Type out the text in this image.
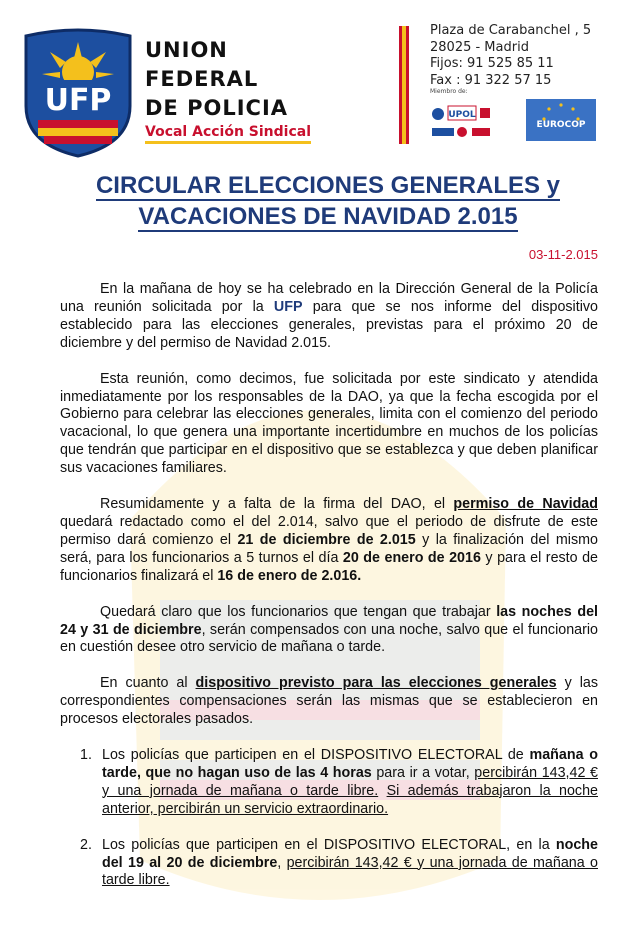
UFP
UNION
FEDERAL
DE POLICIA
Vocal Acción Sindical
Plaza de Carabanchel , 5
28025 - Madrid
Fijos: 91 525 85 11
Fax : 91 322 57 15
Miembro de:
UPOL
EUROCOP
CIRCULAR ELECCIONES GENERALES y
VACACIONES DE NAVIDAD 2.015
03-11-2.015

En la mañana de hoy se ha celebrado en la Dirección General de la Policía una reunión solicitada por la UFP para que se nos informe del dispositivo establecido para las elecciones generales, previstas para el próximo 20 de diciembre y del permiso de Navidad 2.015.

Esta reunión, como decimos, fue solicitada por este sindicato y atendida inmediatamente por los responsables de la DAO, ya que la fecha escogida por el Gobierno para celebrar las elecciones generales, limita con el comienzo del periodo vacacional, lo que genera una importante incertidumbre en muchos de los policías que tendrán que participar en el dispositivo que se establezca y que deben planificar sus vacaciones familiares.

Resumidamente y a falta de la firma del DAO, el permiso de Navidad quedará redactado como el del 2.014, salvo que el periodo de disfrute de este permiso dará comienzo el 21 de diciembre de 2.015 y la finalización del mismo será, para los funcionarios a 5 turnos el día 20 de enero de 2016 y para el resto de funcionarios finalizará el 16 de enero de 2.016.

Quedará claro que los funcionarios que tengan que trabajar las noches del 24 y 31 de diciembre, serán compensados con una noche, salvo que el funcionario en cuestión desee otro servicio de mañana o tarde.

En cuanto al dispositivo previsto para las elecciones generales y las correspondientes compensaciones serán las mismas que se establecieron en procesos electorales pasados.

1. Los policías que participen en el DISPOSITIVO ELECTORAL de mañana o tarde, que no hagan uso de las 4 horas para ir a votar, percibirán 143,42 € y una jornada de mañana o tarde libre. Si además trabajaron la noche anterior, percibirán un servicio extraordinario.
2. Los policías que participen en el DISPOSITIVO ELECTORAL, en la noche del 19 al 20 de diciembre, percibirán 143,42 € y una jornada de mañana o tarde libre.
